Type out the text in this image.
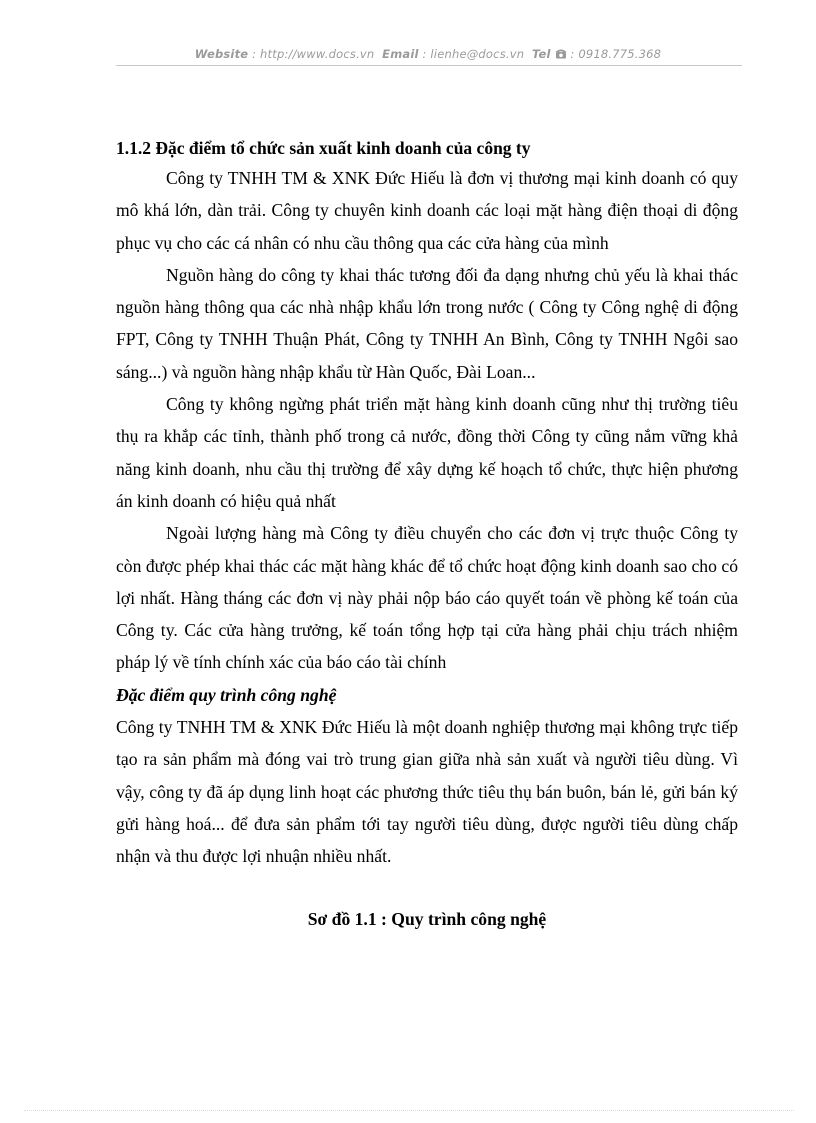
Website : http://www.docs.vn Email : lienhe@docs.vn Tel : 0918.775.368

1.1.2 Đặc điểm tổ chức sản xuất kinh doanh của công ty

Công ty TNHH TM & XNK Đức Hiếu là đơn vị thương mại kinh doanh có quy mô khá lớn, dàn trải. Công ty chuyên kinh doanh các loại mặt hàng điện thoại di động phục vụ cho các cá nhân có nhu cầu thông qua các cửa hàng của mình

Nguồn hàng do công ty khai thác tương đối đa dạng nhưng chủ yếu là khai thác nguồn hàng thông qua các nhà nhập khẩu lớn trong nước ( Công ty Công nghệ di động FPT, Công ty TNHH Thuận Phát, Công ty TNHH An Bình, Công ty TNHH Ngôi sao sáng...) và nguồn hàng nhập khẩu từ Hàn Quốc, Đài Loan...

Công ty không ngừng phát triển mặt hàng kinh doanh cũng như thị trường tiêu thụ ra khắp các tỉnh, thành phố trong cả nước, đồng thời Công ty cũng nắm vững khả năng kinh doanh, nhu cầu thị trường để xây dựng kế hoạch tổ chức, thực hiện phương án kinh doanh có hiệu quả nhất

Ngoài lượng hàng mà Công ty điều chuyển cho các đơn vị trực thuộc Công ty còn được phép khai thác các mặt hàng khác để tổ chức hoạt động kinh doanh sao cho có lợi nhất. Hàng tháng các đơn vị này phải nộp báo cáo quyết toán về phòng kế toán của Công ty. Các cửa hàng trưởng, kế toán tổng hợp tại cửa hàng phải chịu trách nhiệm pháp lý về tính chính xác của báo cáo tài chính

Đặc điểm quy trình công nghệ

Công ty TNHH TM & XNK Đức Hiếu là một doanh nghiệp thương mại không trực tiếp tạo ra sản phẩm mà đóng vai trò trung gian giữa nhà sản xuất và người tiêu dùng. Vì vậy, công ty đã áp dụng linh hoạt các phương thức tiêu thụ bán buôn, bán lẻ, gửi bán ký gửi hàng hoá... để đưa sản phẩm tới tay người tiêu dùng, được người tiêu dùng chấp nhận và thu được lợi nhuận nhiều nhất.

Sơ đồ 1.1 : Quy trình công nghệ
